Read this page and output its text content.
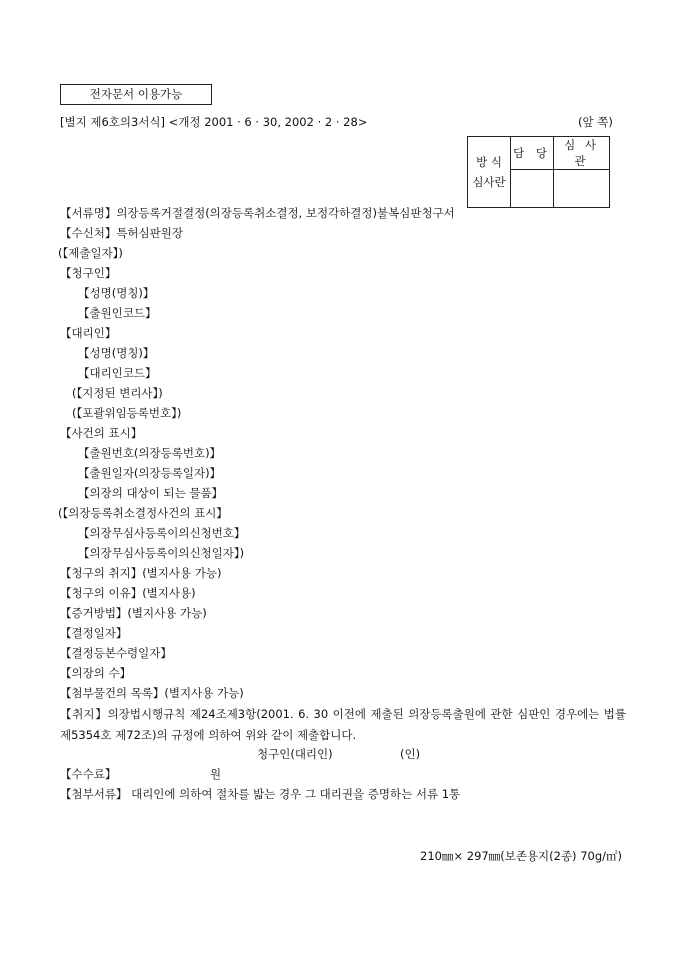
전자문서 이용가능
[별지 제6호의3서식] <개정 2001 · 6 · 30, 2002 · 2 · 28>	(앞 쪽)
방 식
심사란	담 당	심 사 관

【서류명】의장등록거절결정(의장등록취소결정, 보정각하결정)불복심판청구서
【수신처】특허심판원장
(【제출일자】)
【청구인】
【성명(명칭)】
【출원인코드】
【대리인】
【성명(명칭)】
【대리인코드】
(【지정된 변리사】)
(【포괄위임등록번호】)
【사건의 표시】
【출원번호(의장등록번호)】
【출원일자(의장등록일자)】
【의장의 대상이 되는 물품】
(【의장등록취소결정사건의 표시】
【의장무심사등록이의신청번호】
【의장무심사등록이의신청일자】)
【청구의 취지】(별지사용 가능)
【청구의 이유】(별지사용)
【증거방법】(별지사용 가능)
【결정일자】
【결정등본수령일자】
【의장의 수】
【첨부물건의 목록】(별지사용 가능)
【취지】의장법시행규칙 제24조제3항(2001. 6. 30 이전에 제출된 의장등록출원에 관한 심판인 경우에는 법률 제5354호 제72조)의 규정에 의하여 위와 같이 제출합니다.
청구인(대리인)	(인)
【수수료】	원
【첨부서류】 대리인에 의하여 절차를 밟는 경우 그 대리권을 증명하는 서류 1통
210㎜× 297㎜(보존용지(2종) 70g/㎡)
